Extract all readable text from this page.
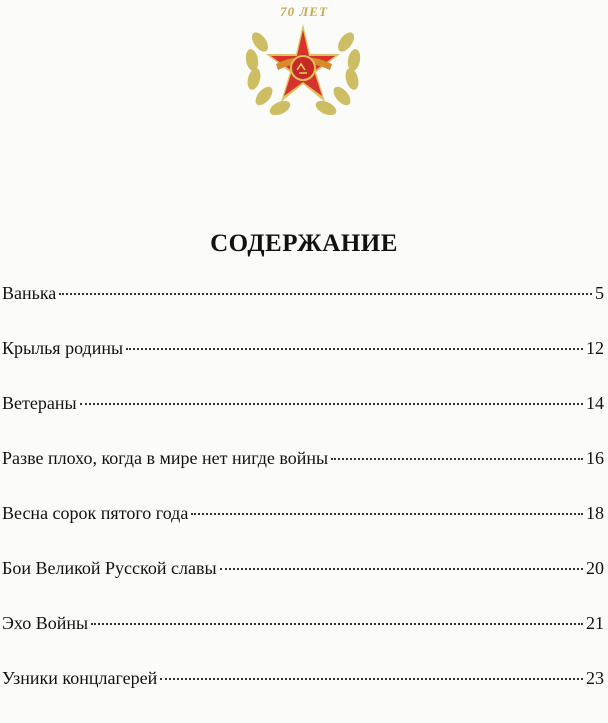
70 ЛЕТ
СОДЕРЖАНИЕ
Ванька	5
Крылья родины	12
Ветераны	14
Разве плохо, когда в мире нет нигде войны	16
Весна сорок пятого года	18
Бои Великой Русской славы	20
Эхо Войны	21
Узники концлагерей	23
